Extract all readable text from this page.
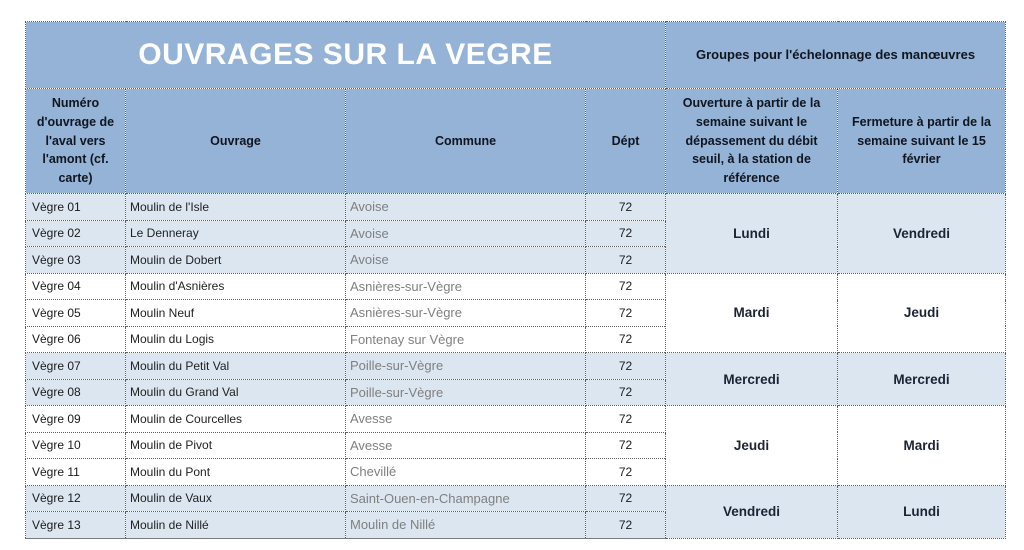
OUVRAGES SUR LA VEGRE				Groupes pour l'échelonnage des manœuvres	
Numéro d'ouvrage de l'aval vers l'amont (cf. carte)	Ouvrage	Commune	Dépt	Ouverture à partir de la semaine suivant le dépassement du débit seuil, à la station de référence	Fermeture à partir de la semaine suivant le 15 février
Vègre 01	Moulin de l'Isle	Avoise	72	Lundi	Vendredi
Vègre 02	Le Denneray	Avoise	72		
Vègre 03	Moulin de Dobert	Avoise	72		
Vègre 04	Moulin d'Asnières	Asnières-sur-Vègre	72	Mardi	Jeudi
Vègre 05	Moulin Neuf	Asnières-sur-Vègre	72		
Vègre 06	Moulin du Logis	Fontenay sur Vègre	72		
Vègre 07	Moulin du Petit Val	Poille-sur-Vègre	72	Mercredi	Mercredi
Vègre 08	Moulin du Grand Val	Poille-sur-Vègre	72		
Vègre 09	Moulin de Courcelles	Avesse	72	Jeudi	Mardi
Vègre 10	Moulin de Pivot	Avesse	72		
Vègre 11	Moulin du Pont	Chevillé	72		
Vègre 12	Moulin de Vaux	Saint-Ouen-en-Champagne	72	Vendredi	Lundi
Vègre 13	Moulin de Nillé	Moulin de Nillé	72		
